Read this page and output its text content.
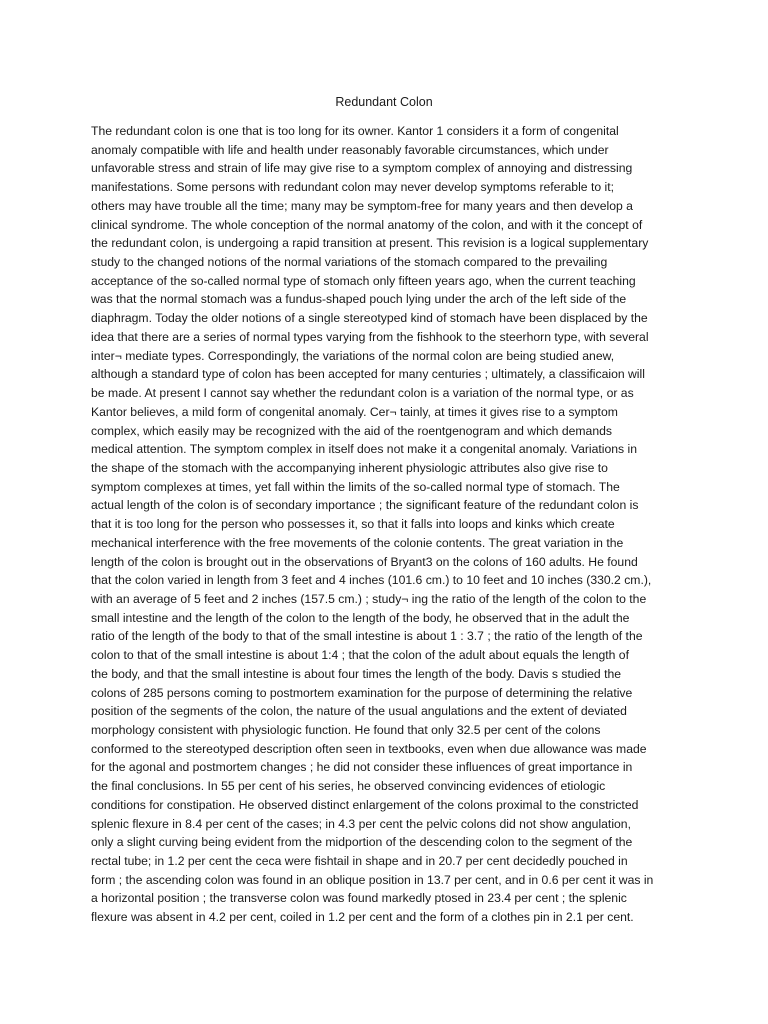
Redundant Colon
The redundant colon is one that is too long for its owner. Kantor 1 considers it a form of congenital
anomaly compatible with life and health under reasonably favorable circumstances, which under
unfavorable stress and strain of life may give rise to a symptom complex of annoying and distressing
manifestations. Some persons with redundant colon may never develop symptoms referable to it;
others may have trouble all the time; many may be symptom-free for many years and then develop a
clinical syndrome. The whole conception of the normal anatomy of the colon, and with it the concept of
the redundant colon, is undergoing a rapid transition at present. This revision is a logical supplementary
study to the changed notions of the normal variations of the stomach compared to the prevailing
acceptance of the so-called normal type of stomach only fifteen years ago, when the current teaching
was that the normal stomach was a fundus-shaped pouch lying under the arch of the left side of the
diaphragm. Today the older notions of a single stereotyped kind of stomach have been displaced by the
idea that there are a series of normal types varying from the fishhook to the steerhorn type, with several
inter¬ mediate types. Correspondingly, the variations of the normal colon are being studied anew,
although a standard type of colon has been accepted for many centuries ; ultimately, a classificaion will
be made. At present I cannot say whether the redundant colon is a variation of the normal type, or as
Kantor believes, a mild form of congenital anomaly. Cer¬ tainly, at times it gives rise to a symptom
complex, which easily may be recognized with the aid of the roentgenogram and which demands
medical attention. The symptom complex in itself does not make it a congenital anomaly. Variations in
the shape of the stomach with the accompanying inherent physiologic attributes also give rise to
symptom complexes at times, yet fall within the limits of the so-called normal type of stomach. The
actual length of the colon is of secondary importance ; the significant feature of the redundant colon is
that it is too long for the person who possesses it, so that it falls into loops and kinks which create
mechanical interference with the free movements of the colonie contents. The great variation in the
length of the colon is brought out in the observations of Bryant3 on the colons of 160 adults. He found
that the colon varied in length from 3 feet and 4 inches (101.6 cm.) to 10 feet and 10 inches (330.2 cm.),
with an average of 5 feet and 2 inches (157.5 cm.) ; study¬ ing the ratio of the length of the colon to the
small intestine and the length of the colon to the length of the body, he observed that in the adult the
ratio of the length of the body to that of the small intestine is about 1 : 3.7 ; the ratio of the length of the
colon to that of the small intestine is about 1:4 ; that the colon of the adult about equals the length of
the body, and that the small intestine is about four times the length of the body. Davis s studied the
colons of 285 persons coming to postmortem examination for the purpose of determining the relative
position of the segments of the colon, the nature of the usual angulations and the extent of deviated
morphology consistent with physiologic function. He found that only 32.5 per cent of the colons
conformed to the stereotyped description often seen in textbooks, even when due allowance was made
for the agonal and postmortem changes ; he did not consider these influences of great importance in
the final conclusions. In 55 per cent of his series, he observed convincing evidences of etiologic
conditions for constipation. He observed distinct enlargement of the colons proximal to the constricted
splenic flexure in 8.4 per cent of the cases; in 4.3 per cent the pelvic colons did not show angulation,
only a slight curving being evident from the midportion of the descending colon to the segment of the
rectal tube; in 1.2 per cent the ceca were fishtail in shape and in 20.7 per cent decidedly pouched in
form ; the ascending colon was found in an oblique position in 13.7 per cent, and in 0.6 per cent it was in
a horizontal position ; the transverse colon was found markedly ptosed in 23.4 per cent ; the splenic
flexure was absent in 4.2 per cent, coiled in 1.2 per cent and the form of a clothes pin in 2.1 per cent.
